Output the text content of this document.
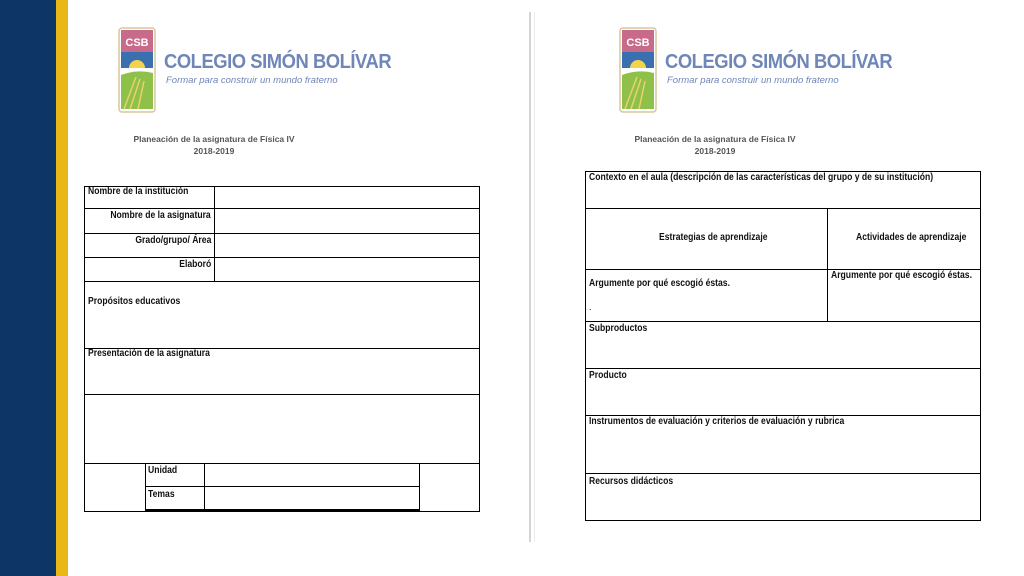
CSB
COLEGIO SIMÓN BOLÍVAR
Formar para construir un mundo fraterno
Planeación de la asignatura de Física IV
2018-2019
Nombre de la institución
Nombre de la asignatura
Grado/grupo/ Área
Elaboró
Propósitos educativos
Presentación de la asignatura
Unidad
Temas
CSB
COLEGIO SIMÓN BOLÍVAR
Formar para construir un mundo fraterno
Planeación de la asignatura de Física IV
2018-2019
Contexto en el aula (descripción de las características del grupo y de su institución)
Estrategias de aprendizaje	Actividades de aprendizaje
Argumente por qué escogió éstas.
.
Argumente por qué escogió éstas.
Subproductos
Producto
Instrumentos de evaluación y criterios de evaluación y rubrica
Recursos didácticos
